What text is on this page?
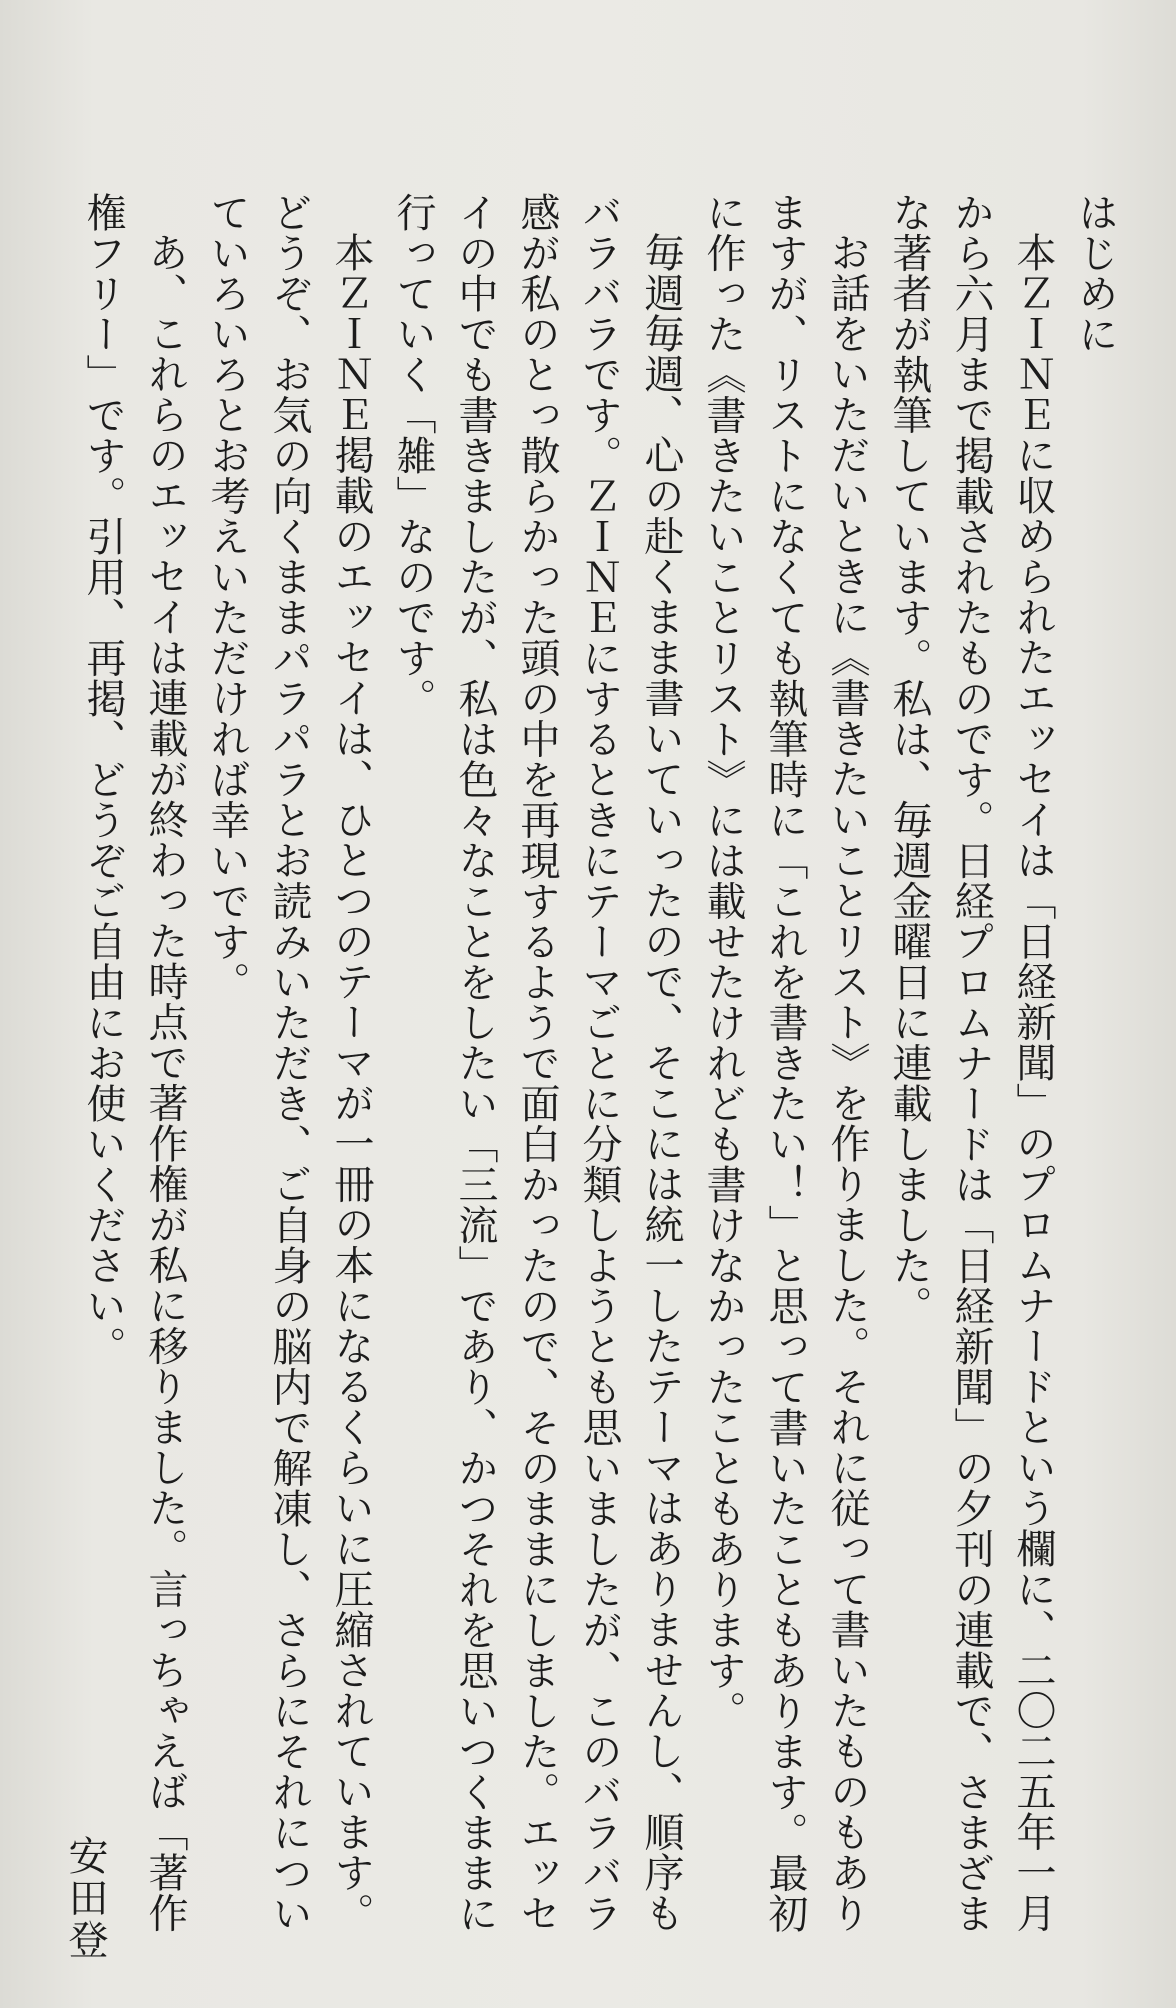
はじめに

本ＺＩＮＥに収められたエッセイは「日経新聞」のプロムナードという欄に、二〇二五年一月から六月まで掲載されたものです。日経プロムナードは「日経新聞」の夕刊の連載で、さまざまな著者が執筆しています。私は、毎週金曜日に連載しました。

お話をいただいときに《書きたいことリスト》を作りました。それに従って書いたものもありますが、リストになくても執筆時に「これを書きたい！」と思って書いたこともあります。最初に作った《書きたいことリスト》には載せたけれども書けなかったこともあります。

毎週毎週、心の赴くまま書いていったので、そこには統一したテーマはありませんし、順序もバラバラです。ＺＩＮＥにするときにテーマごとに分類しようとも思いましたが、このバラバラ感が私のとっ散らかった頭の中を再現するようで面白かったので、そのままにしました。エッセイの中でも書きましたが、私は色々なことをしたい「三流」であり、かつそれを思いつくままに行っていく「雑」なのです。

本ＺＩＮＥ掲載のエッセイは、ひとつのテーマが一冊の本になるくらいに圧縮されています。どうぞ、お気の向くままパラパラとお読みいただき、ご自身の脳内で解凍し、さらにそれについていろいろとお考えいただければ幸いです。

あ、これらのエッセイは連載が終わった時点で著作権が私に移りました。言っちゃえば「著作権フリー」です。引用、再掲、どうぞご自由にお使いください。

安田登
